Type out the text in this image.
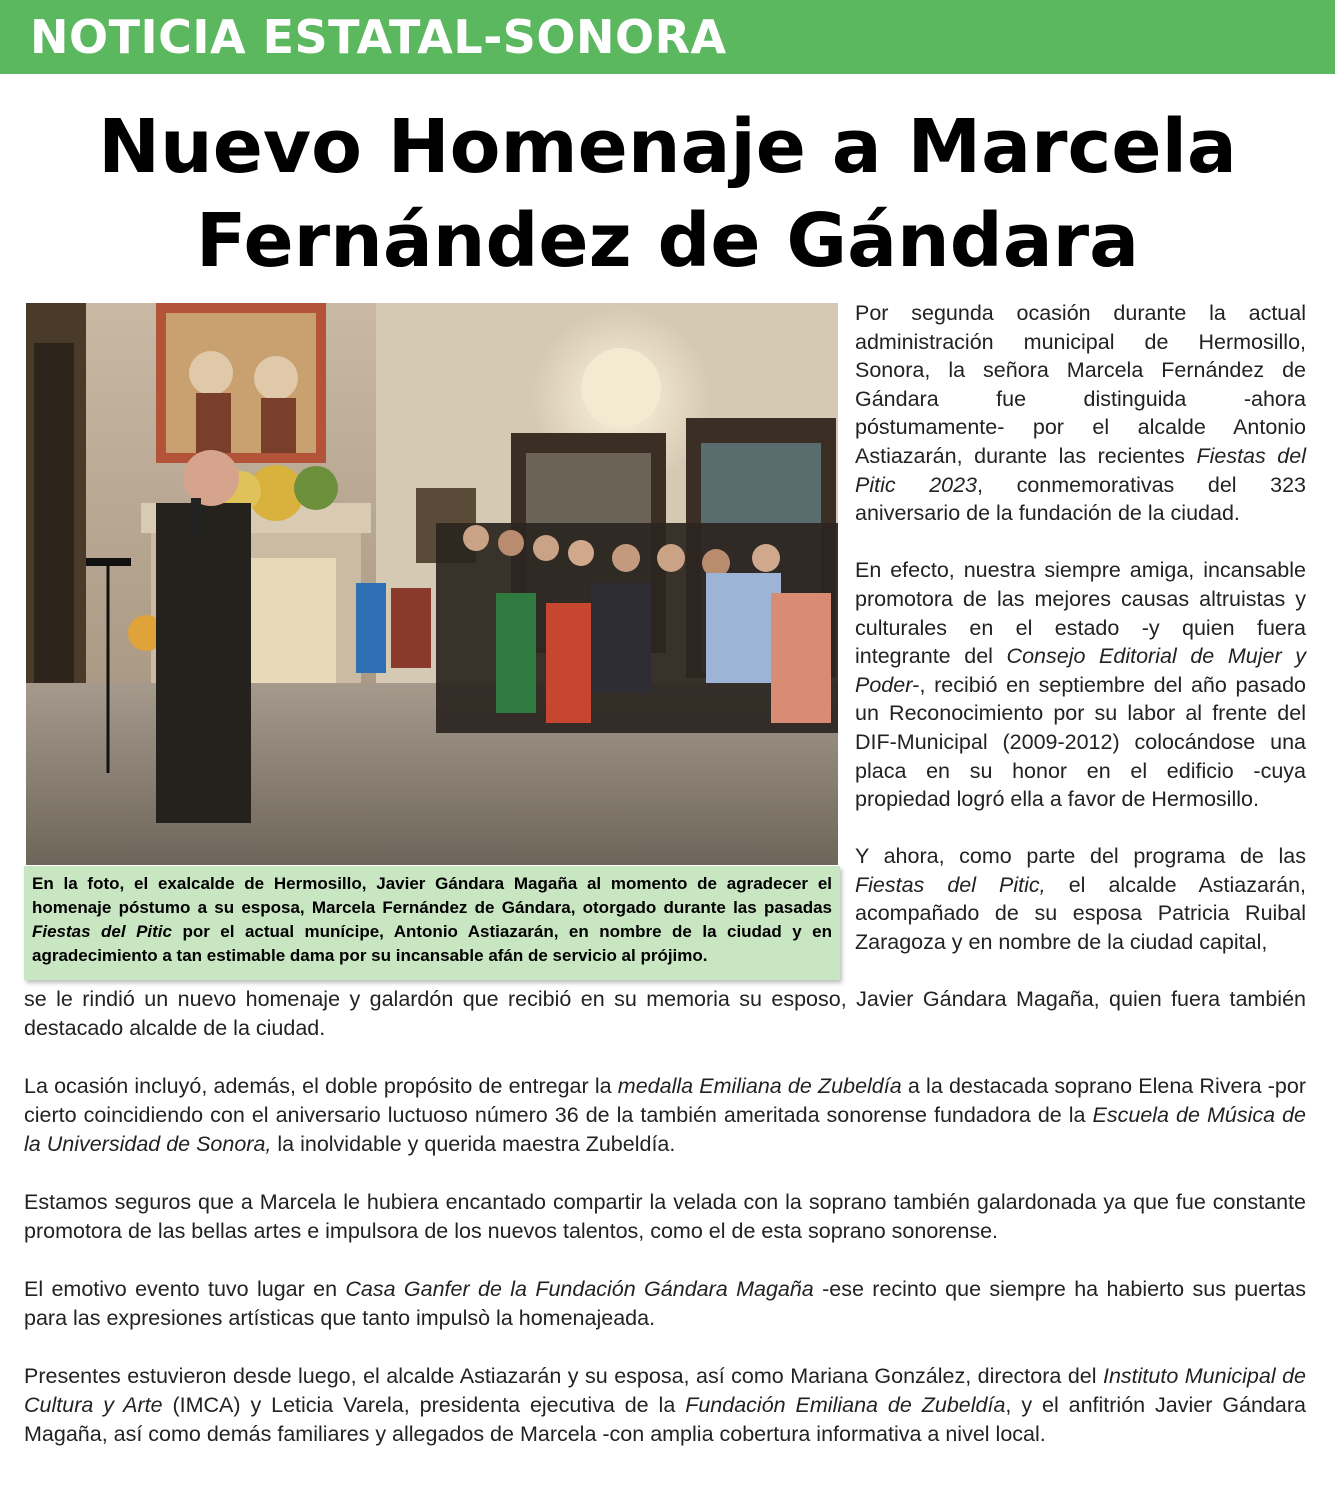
NOTICIA ESTATAL-SONORA
Nuevo Homenaje a Marcela
Fernández de Gándara
En la foto, el exalcalde de Hermosillo, Javier Gándara Magaña al momento de agradecer el homenaje póstumo a su esposa, Marcela Fernández de Gándara, otorgado durante las pasadas Fiestas del Pitic por el actual munícipe, Antonio Astiazarán, en nombre de la ciudad y en agradecimiento a tan estimable dama por su incansable afán de servicio al prójimo.

Por segunda ocasión durante la actual administración municipal de Hermosillo, Sonora, la señora Marcela Fernández de Gándara fue distinguida -ahora póstumamente- por el alcalde Antonio Astiazarán, durante las recientes Fiestas del Pitic 2023, conmemorativas del 323 aniversario de la fundación de la ciudad.

En efecto, nuestra siempre amiga, incansable promotora de las mejores causas altruistas y culturales en el estado -y quien fuera integrante del Consejo Editorial de Mujer y Poder-, recibió en septiembre del año pasado un Reconocimiento por su labor al frente del DIF-Municipal (2009-2012) colocándose una placa en su honor en el edificio -cuya propiedad logró ella a favor de Hermosillo.

Y ahora, como parte del programa de las Fiestas del Pitic, el alcalde Astiazarán, acompañado de su esposa Patricia Ruibal Zaragoza y en nombre de la ciudad capital,

se le rindió un nuevo homenaje y galardón que recibió en su memoria su esposo, Javier Gándara Magaña, quien fuera también destacado alcalde de la ciudad.

La ocasión incluyó, además, el doble propósito de entregar la medalla Emiliana de Zubeldía a la destacada soprano Elena Rivera -por cierto coincidiendo con el aniversario luctuoso número 36 de la también ameritada sonorense fundadora de la Escuela de Música de la Universidad de Sonora, la inolvidable y querida maestra Zubeldía.

Estamos seguros que a Marcela le hubiera encantado compartir la velada con la soprano también galardonada ya que fue constante promotora de las bellas artes e impulsora de los nuevos talentos, como el de esta soprano sonorense.

El emotivo evento tuvo lugar en Casa Ganfer de la Fundación Gándara Magaña -ese recinto que siempre ha habierto sus puertas para las expresiones artísticas que tanto impulsò la homenajeada.

Presentes estuvieron desde luego, el alcalde Astiazarán y su esposa, así como Mariana González, directora del Instituto Municipal de Cultura y Arte (IMCA) y Leticia Varela, presidenta ejecutiva de la Fundación Emiliana de Zubeldía, y el anfitrión Javier Gándara Magaña, así como demás familiares y allegados de Marcela -con amplia cobertura informativa a nivel local.
